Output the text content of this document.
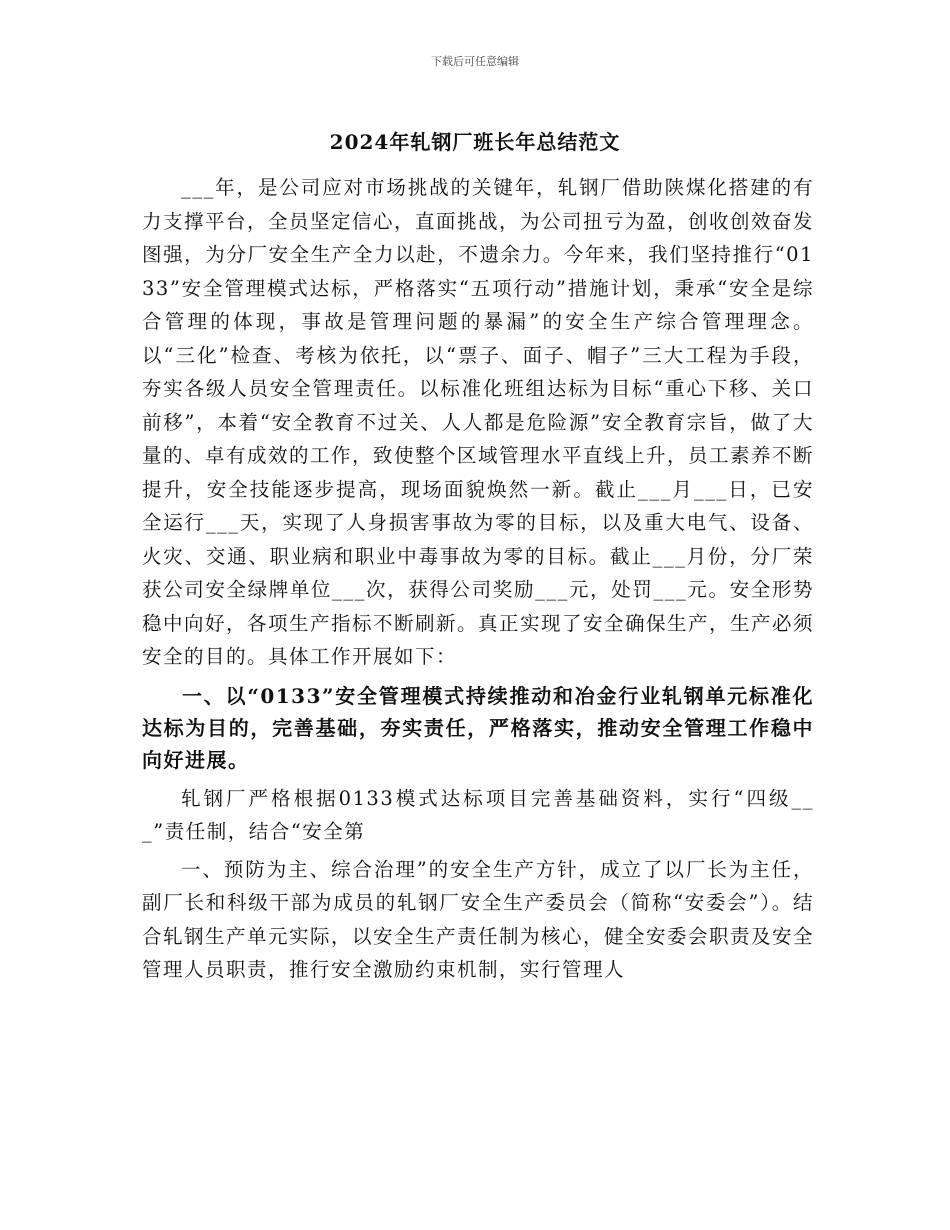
下载后可任意编辑
2024年轧钢厂班长年总结范文

___年，是公司应对市场挑战的关键年，轧钢厂借助陕煤化搭建的有力支撑平台，全员坚定信心，直面挑战，为公司扭亏为盈，创收创效奋发图强，为分厂安全生产全力以赴，不遗余力。今年来，我们坚持推行“0133”安全管理模式达标，严格落实“五项行动”措施计划，秉承“安全是综合管理的体现，事故是管理问题的暴漏”的安全生产综合管理理念。以“三化”检查、考核为依托，以“票子、面子、帽子”三大工程为手段，夯实各级人员安全管理责任。以标准化班组达标为目标“重心下移、关口前移”，本着“安全教育不过关、人人都是危险源”安全教育宗旨，做了大量的、卓有成效的工作，致使整个区域管理水平直线上升，员工素养不断提升，安全技能逐步提高，现场面貌焕然一新。截止___月___日，已安全运行___天，实现了人身损害事故为零的目标，以及重大电气、设备、火灾、交通、职业病和职业中毒事故为零的目标。截止___月份，分厂荣获公司安全绿牌单位___次，获得公司奖励___元，处罚___元。安全形势稳中向好，各项生产指标不断刷新。真正实现了安全确保生产，生产必须安全的目的。具体工作开展如下：

一、以“0133”安全管理模式持续推动和冶金行业轧钢单元标准化达标为目的，完善基础，夯实责任，严格落实，推动安全管理工作稳中向好进展。

轧钢厂严格根据0133模式达标项目完善基础资料，实行“四级___”责任制，结合“安全第

一、预防为主、综合治理”的安全生产方针，成立了以厂长为主任，副厂长和科级干部为成员的轧钢厂安全生产委员会（简称“安委会”）。结合轧钢生产单元实际，以安全生产责任制为核心，健全安委会职责及安全管理人员职责，推行安全激励约束机制，实行管理人
